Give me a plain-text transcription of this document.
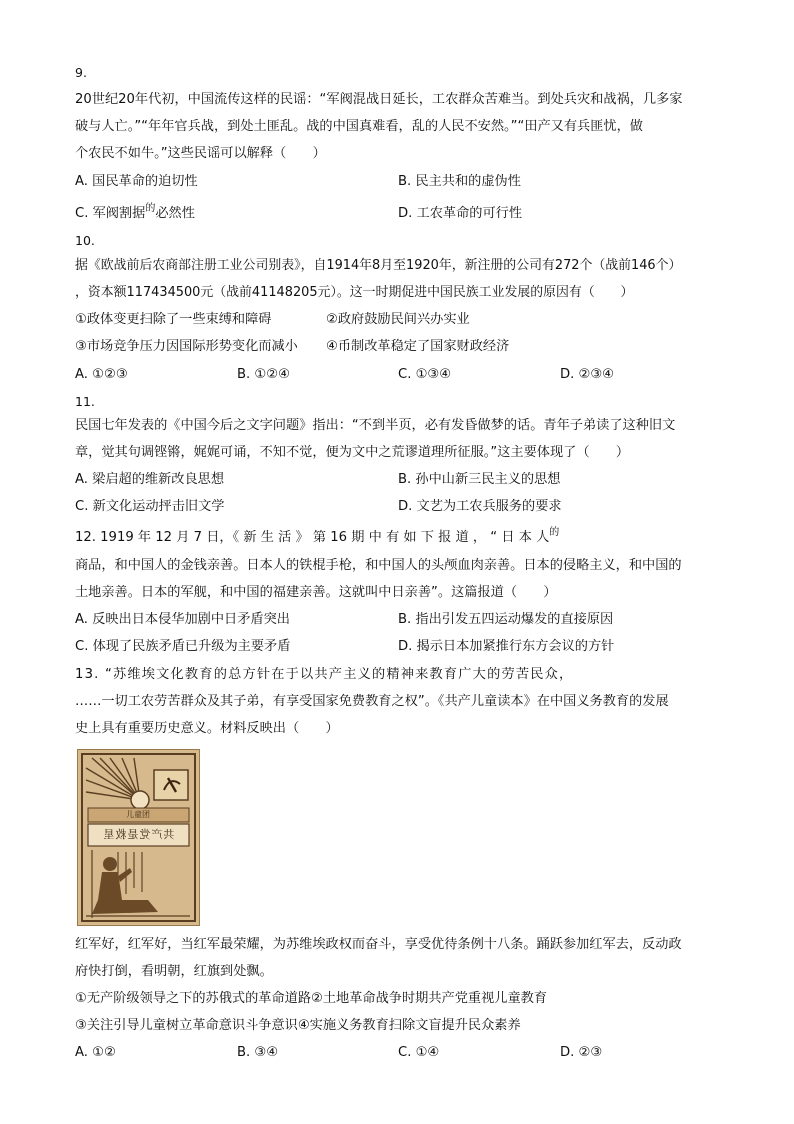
9.
20世纪20年代初，中国流传这样的民谣：“军阀混战日延长，工农群众苦难当。到处兵灾和战祸，几多家
破与人亡。”“年年官兵战，到处土匪乱。战的中国真难看，乱的人民不安然。”“田产又有兵匪忧，做
个农民不如牛。”这些民谣可以解释（　　）
A. 国民革命的迫切性	B. 民主共和的虚伪性
C. 军阀割据$^的$必然性	D. 工农革命的可行性
10.
据《欧战前后农商部注册工业公司别表》，自1914年8月至1920年，新注册的公司有272个（战前146个）
，资本额117434500元（战前41148205元）。这一时期促进中国民族工业发展的原因有（　　）
①政体变更扫除了一些束缚和障碍	②政府鼓励民间兴办实业
③市场竞争压力因国际形势变化而减小 ④币制改革稳定了国家财政经济
A. ①②③	B. ①②④	C. ①③④	D. ②③④
11.
民国七年发表的《中国今后之文字问题》指出：“不到半页，必有发昏做梦的话。青年子弟读了这种旧文
章，觉其句调铿锵，娓娓可诵，不知不觉，便为文中之荒谬道理所征服。”这主要体现了（　　）
A. 梁启超的维新改良思想	B. 孙中山新三民主义的思想
C. 新文化运动抨击旧文学	D. 文艺为工农兵服务的要求
12. 1919 年 12 月 7 日，《 新 生 活 》 第 16 期 中 有 如 下 报 道 ， “ 日 本 人$^的$
商品，和中国人的金钱亲善。日本人的铁棍手枪，和中国人的头颅血肉亲善。日本的侵略主义，和中国的
土地亲善。日本的军舰，和中国的福建亲善。这就叫中日亲善”。这篇报道（　　）
A. 反映出日本侵华加剧中日矛盾突出	B. 指出引发五四运动爆发的直接原因
C. 体现了民族矛盾已升级为主要矛盾	D. 揭示日本加紧推行东方会议的方针
13. “苏维埃文化教育的总方针在于以共产主义的精神来教育广大的劳苦民众，
……一切工农劳苦群众及其子弟，有享受国家免费教育之权”。《共产儿童读本》在中国义务教育的发展
史上具有重要历史意义。材料反映出（　　）
共产党是救星
儿童团
红军好，红军好，当红军最荣耀，为苏维埃政权而奋斗，享受优待条例十八条。踊跃参加红军去，反动政
府快打倒，看明朝，红旗到处飘。
①无产阶级领导之下的苏俄式的革命道路②土地革命战争时期共产党重视儿童教育
③关注引导儿童树立革命意识斗争意识④实施义务教育扫除文盲提升民众素养
A. ①②	B. ③④	C. ①④	D. ②③
